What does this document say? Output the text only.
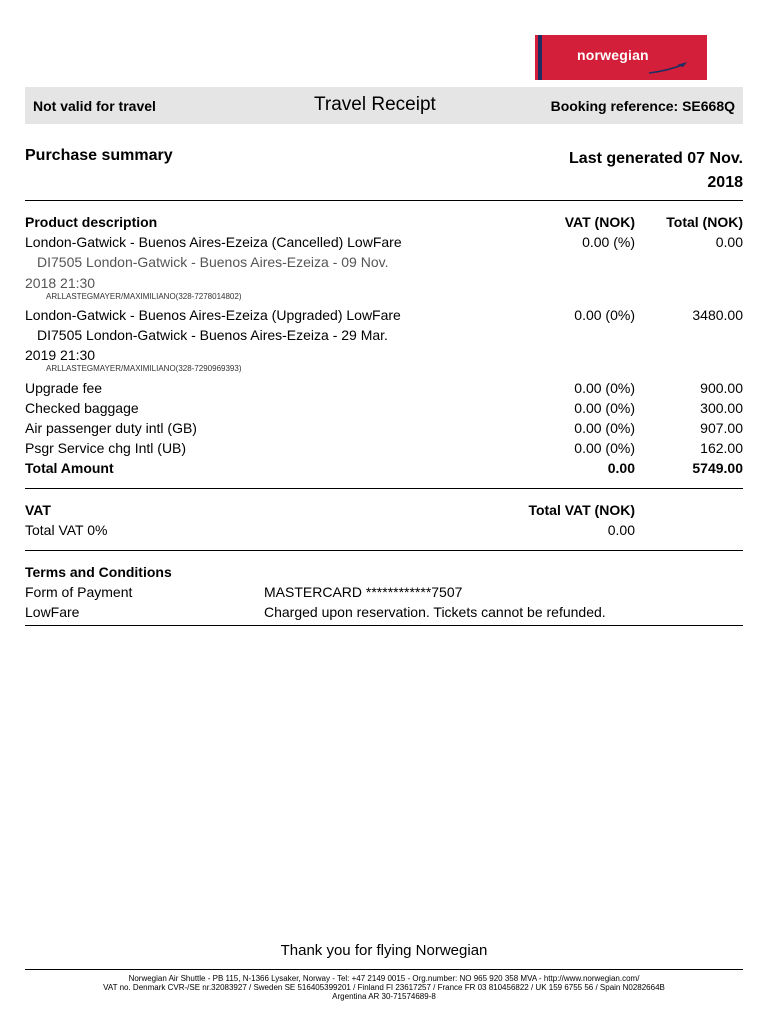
norwegian
Not valid for travel	Travel Receipt	Booking reference: SE668Q
Purchase summary	Last generated 07 Nov.
2018
Product description	VAT (NOK) Total (NOK)
London-Gatwick - Buenos Aires-Ezeiza (Cancelled) LowFare	0.00 (%)	0.00
DI7505 London-Gatwick - Buenos Aires-Ezeiza - 09 Nov.
2018 21:30
ARLLASTEGMAYER/MAXIMILIANO(328-7278014802)
London-Gatwick - Buenos Aires-Ezeiza (Upgraded) LowFare	0.00 (0%)	3480.00
DI7505 London-Gatwick - Buenos Aires-Ezeiza - 29 Mar.
2019 21:30
ARLLASTEGMAYER/MAXIMILIANO(328-7290969393)
Upgrade fee	0.00 (0%)	900.00
Checked baggage	0.00 (0%)	300.00
Air passenger duty intl (GB)	0.00 (0%)	907.00
Psgr Service chg Intl (UB)	0.00 (0%)	162.00
Total Amount	0.00	5749.00
VAT	Total VAT (NOK)
Total VAT 0%	0.00
Terms and Conditions
Form of Payment	MASTERCARD ************7507
LowFare	Charged upon reservation. Tickets cannot be refunded.
Thank you for flying Norwegian
Norwegian Air Shuttle - PB 115, N-1366 Lysaker, Norway - Tel: +47 2149 0015 - Org.number: NO 965 920 358 MVA - http://www.norwegian.com/
VAT no. Denmark CVR-/SE nr.32083927 / Sweden SE 516405399201 / Finland FI 23617257 / France FR 03 810456822 / UK 159 6755 56 / Spain N0282664B
Argentina AR 30-71574689-8
